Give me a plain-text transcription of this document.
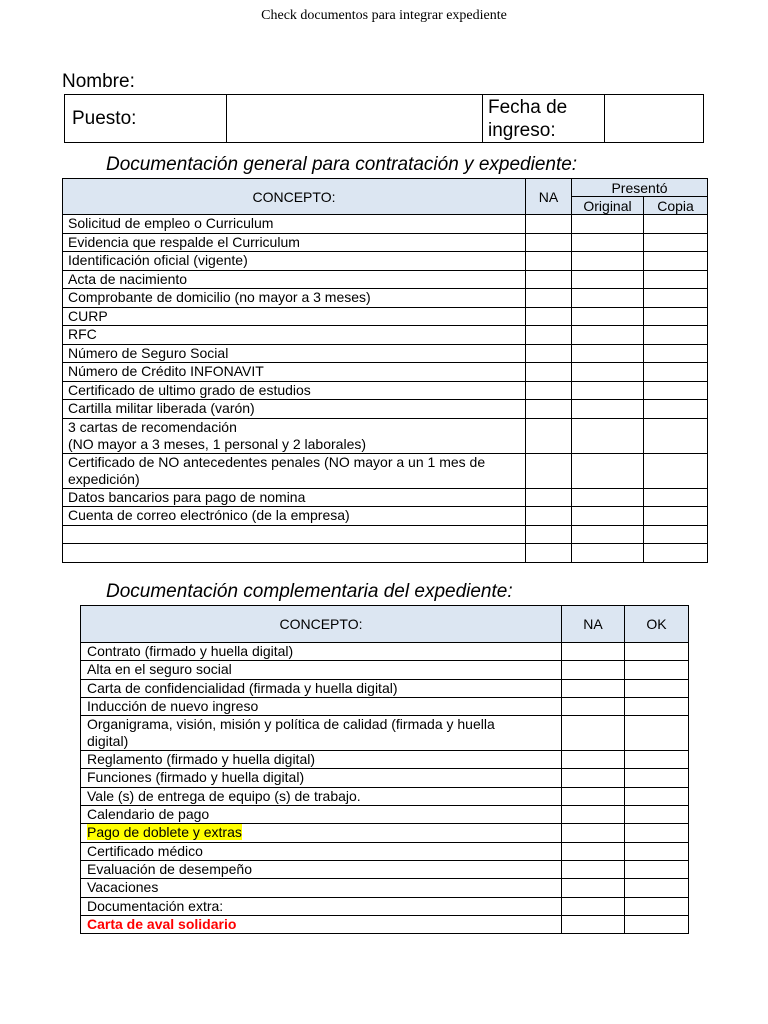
Check documentos para integrar expediente
Nombre:
Puesto:		Fecha de
ingreso:	
Documentación general para contratación y expediente:
CONCEPTO:	NA	Presentó	
		Original	Copia
Solicitud de empleo o Curriculum			
Evidencia que respalde el Curriculum			
Identificación oficial (vigente)			
Acta de nacimiento			
Comprobante de domicilio (no mayor a 3 meses)			
CURP			
RFC			
Número de Seguro Social			
Número de Crédito INFONAVIT			
Certificado de ultimo grado de estudios			
Cartilla militar liberada (varón)			
3 cartas de recomendación
(NO mayor a 3 meses, 1 personal y 2 laborales)			
Certificado de NO antecedentes penales (NO mayor a un 1 mes de
expedición)			
Datos bancarios para pago de nomina			
Cuenta de correo electrónico (de la empresa)			

Documentación complementaria del expediente:
CONCEPTO:	NA	OK
Contrato (firmado y huella digital)		
Alta en el seguro social		
Carta de confidencialidad (firmada y huella digital)		
Inducción de nuevo ingreso		
Organigrama, visión, misión y política de calidad (firmada y huella
digital)		
Reglamento (firmado y huella digital)		
Funciones (firmado y huella digital)		
Vale (s) de entrega de equipo (s) de trabajo.		
Calendario de pago		
Pago de doblete y extras		
Certificado médico		
Evaluación de desempeño		
Vacaciones		
Documentación extra:		
Carta de aval solidario		
